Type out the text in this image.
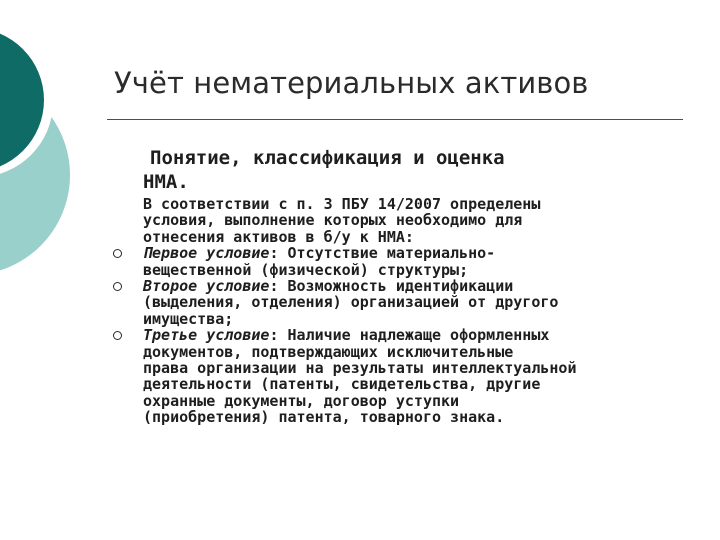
Учёт нематериальных активов
Понятие, классификация и оценка
НМА.
В соответствии с п. 3 ПБУ 14/2007 определены
условия, выполнение которых необходимо для
отнесения активов в б/у к НМА:
Первое условие: Отсутствие материально-
вещественной (физической) структуры;
Второе условие: Возможность идентификации
(выделения, отделения) организацией от другого
имущества;
Третье условие: Наличие надлежаще оформленных
документов, подтверждающих исключительные
права организации на результаты интеллектуальной
деятельности (патенты, свидетельства, другие
охранные документы, договор уступки
(приобретения) патента, товарного знака.
